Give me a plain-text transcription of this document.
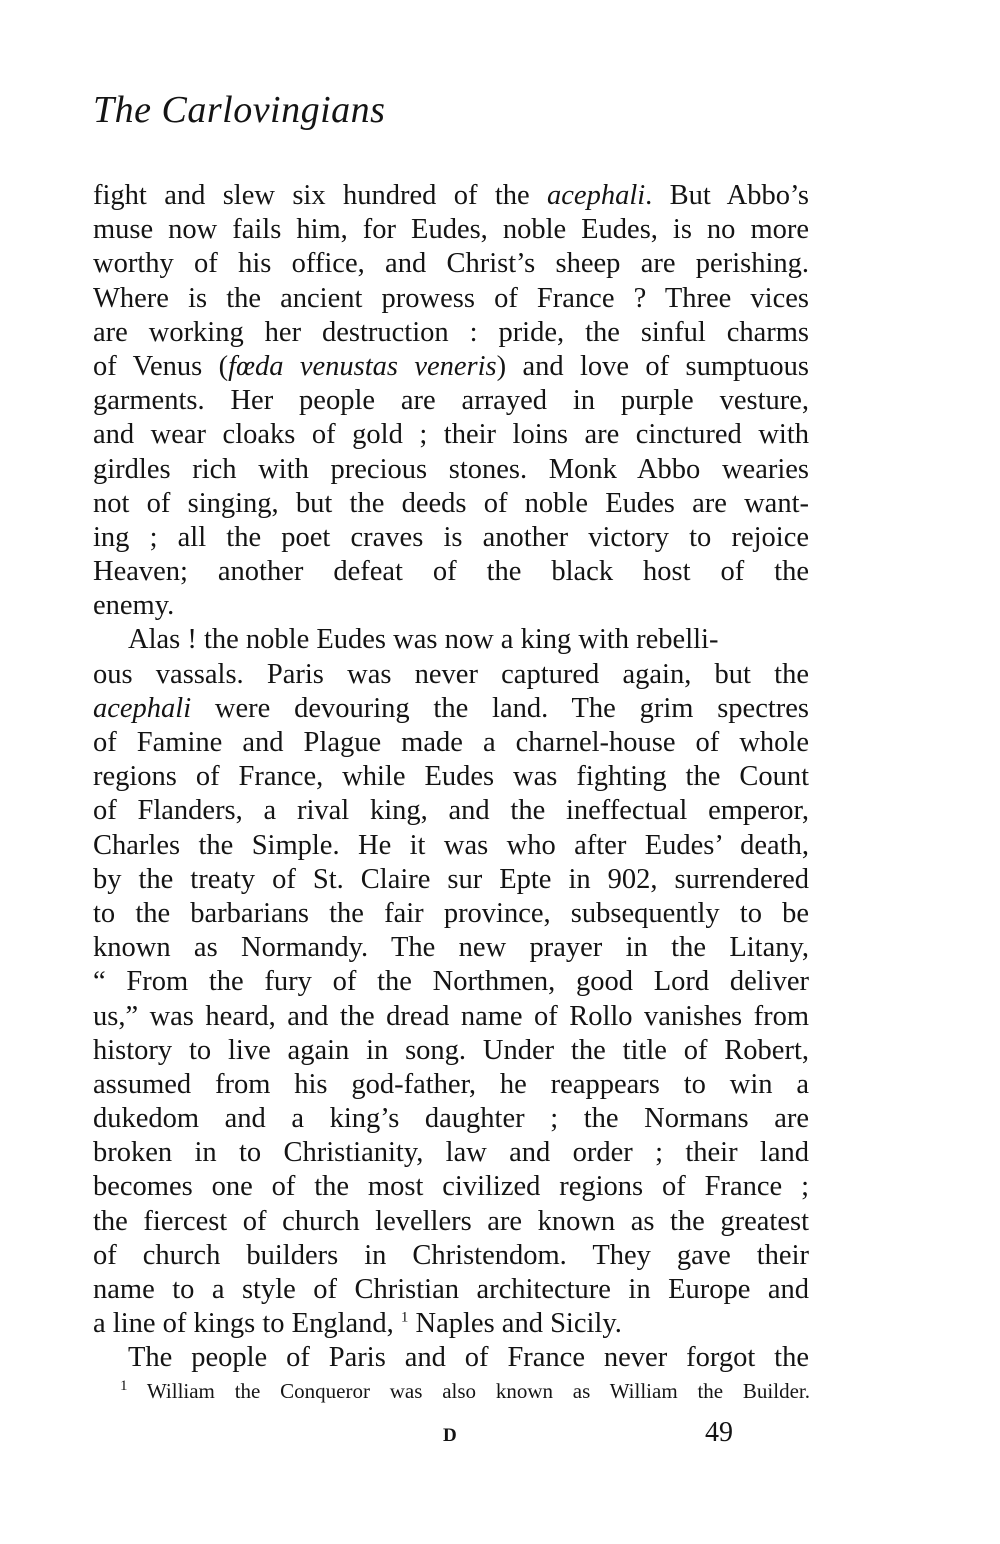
The Carlovingians
fight and slew six hundred of the acephali. But Abbo’s
muse now fails him, for Eudes, noble Eudes, is no more
worthy of his office, and Christ’s sheep are perishing.
Where is the ancient prowess of France ? Three vices
are working her destruction : pride, the sinful charms
of Venus (fœda venustas veneris) and love of sumptuous
garments. Her people are arrayed in purple vesture,
and wear cloaks of gold ; their loins are cinctured with
girdles rich with precious stones. Monk Abbo wearies
not of singing, but the deeds of noble Eudes are want-
ing ; all the poet craves is another victory to rejoice
Heaven; another defeat of the black host of the
enemy.
Alas ! the noble Eudes was now a king with rebelli-
ous vassals. Paris was never captured again, but the
acephali were devouring the land. The grim spectres
of Famine and Plague made a charnel-house of whole
regions of France, while Eudes was fighting the Count
of Flanders, a rival king, and the ineffectual emperor,
Charles the Simple. He it was who after Eudes’ death,
by the treaty of St. Claire sur Epte in 902, surrendered
to the barbarians the fair province, subsequently to be
known as Normandy. The new prayer in the Litany,
“ From the fury of the Northmen, good Lord deliver
us,” was heard, and the dread name of Rollo vanishes from
history to live again in song. Under the title of Robert,
assumed from his god-father, he reappears to win a
dukedom and a king’s daughter ; the Normans are
broken in to Christianity, law and order ; their land
becomes one of the most civilized regions of France ;
the fiercest of church levellers are known as the greatest
of church builders in Christendom. They gave their
name to a style of Christian architecture in Europe and
a line of kings to England, $^1$ Naples and Sicily.
The people of Paris and of France never forgot the
$^1$ William the Conqueror was also known as William the Builder.
D	49
